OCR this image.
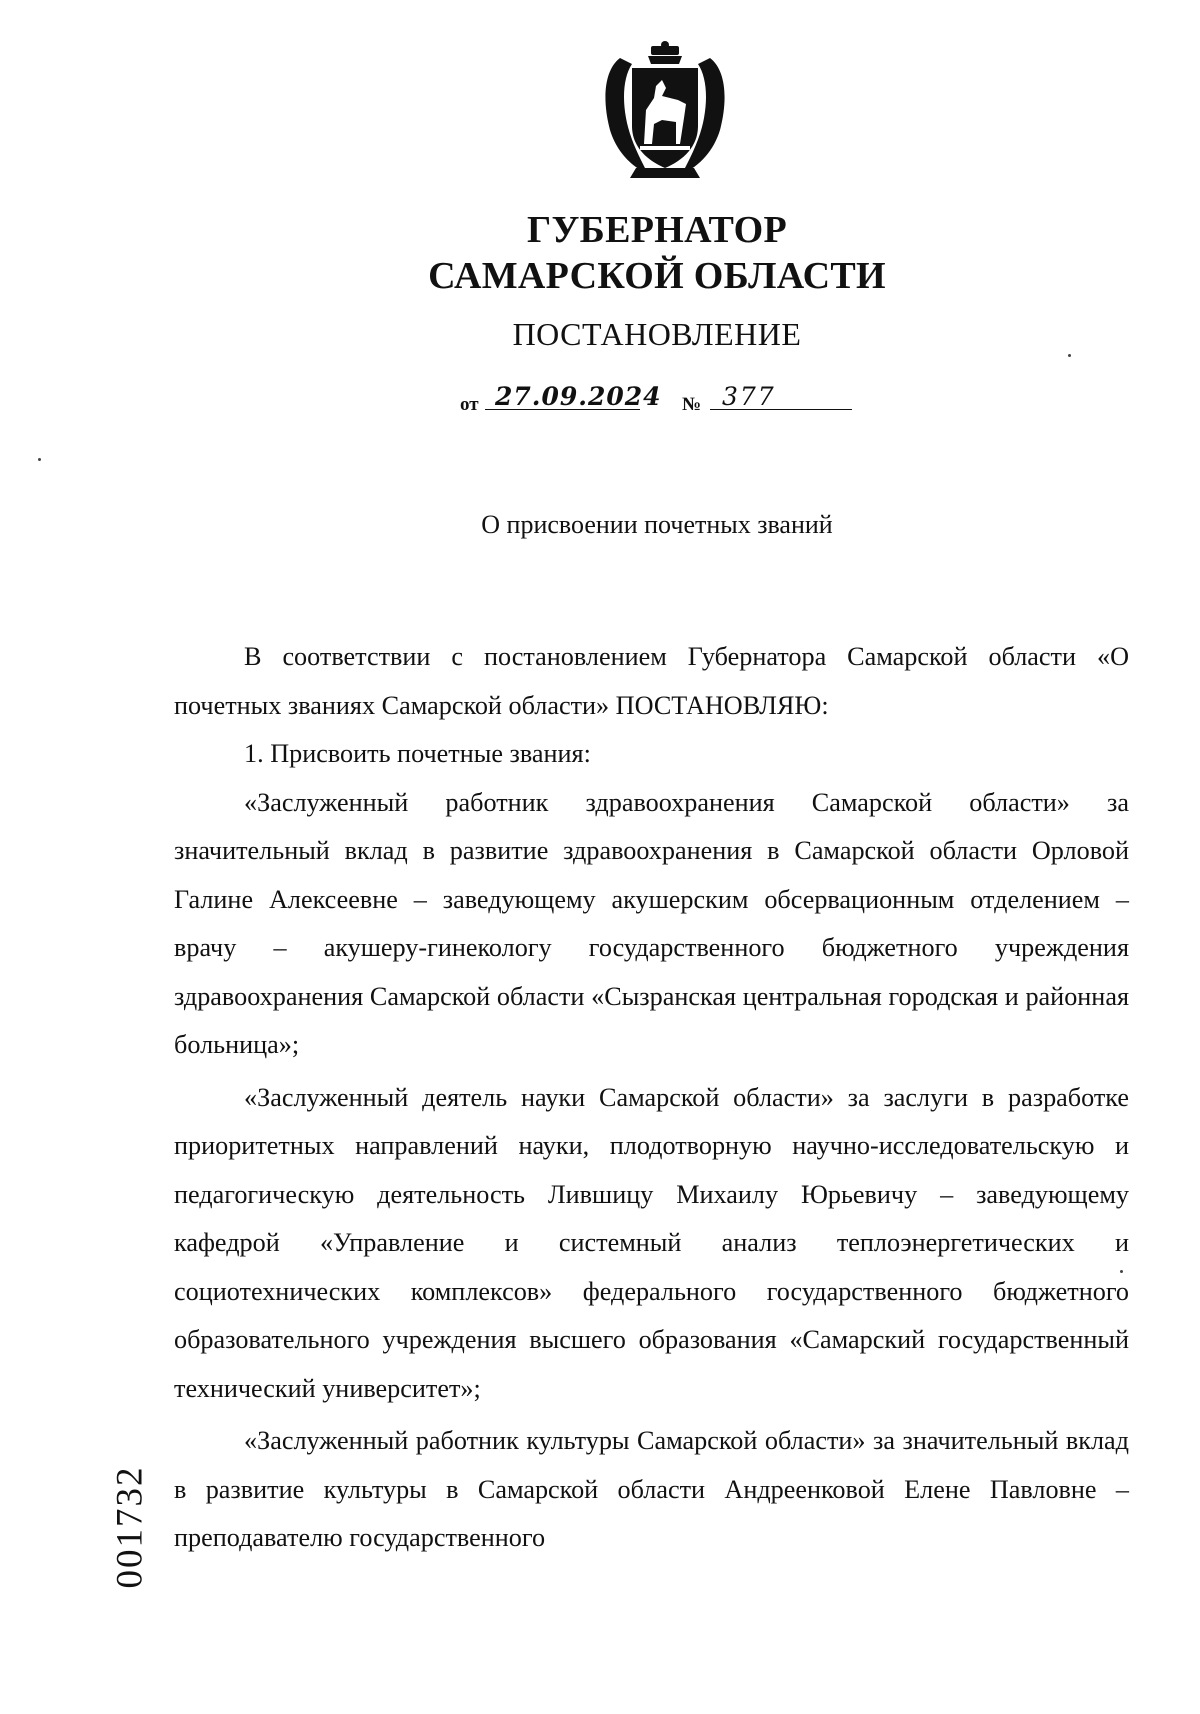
ГУБЕРНАТОР
САМАРСКОЙ ОБЛАСТИ
ПОСТАНОВЛЕНИЕ
от 27.09.2024 № 377
О присвоении почетных званий

В соответствии с постановлением Губернатора Самарской области «О почетных званиях Самарской области» ПОСТАНОВЛЯЮ:

1. Присвоить почетные звания:

«Заслуженный работник здравоохранения Самарской области» за значительный вклад в развитие здравоохранения в Самарской области Орловой Галине Алексеевне – заведующему акушерским обсервационным отделением – врачу – акушеру-гинекологу государственного бюджетного учреждения здравоохранения Самарской области «Сызранская центральная городская и районная больница»;

«Заслуженный деятель науки Самарской области» за заслуги в разработке приоритетных направлений науки, плодотворную научно-исследовательскую и педагогическую деятельность Лившицу Михаилу Юрьевичу – заведующему кафедрой «Управление и системный анализ теплоэнергетических и социотехнических комплексов» федерального государственного бюджетного образовательного учреждения высшего образования «Самарский государственный технический университет»;

«Заслуженный работник культуры Самарской области» за значительный вклад в развитие культуры в Самарской области Андреенковой Елене Павловне – преподавателю государственного

001732
